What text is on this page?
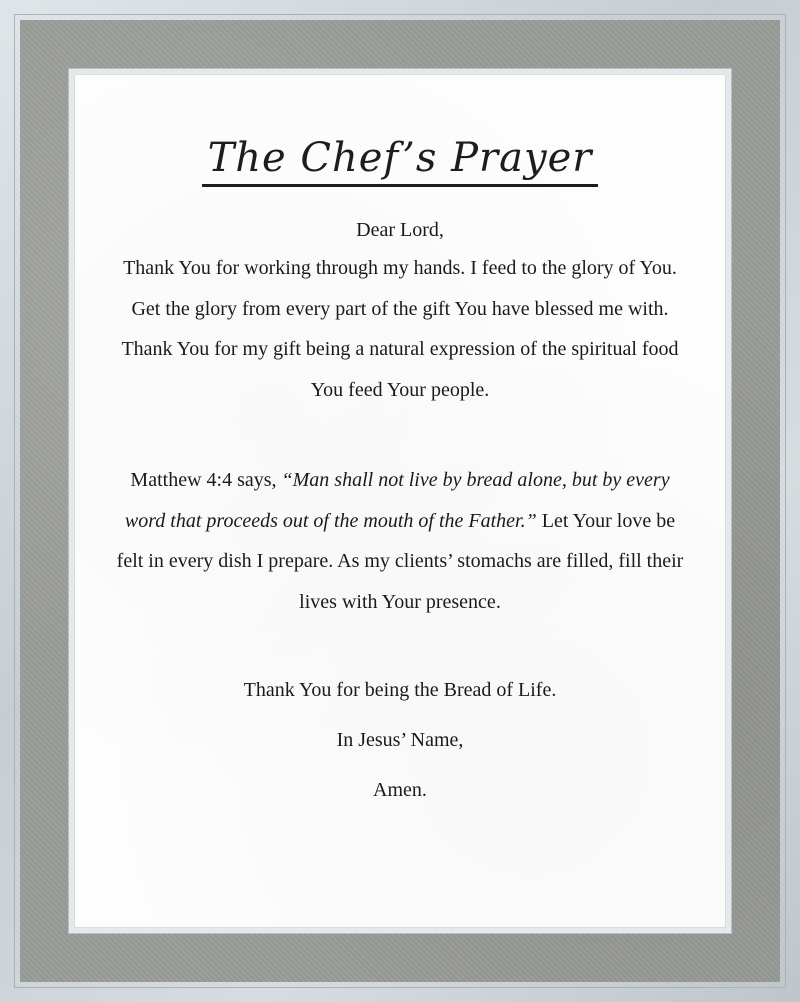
The Chef’s Prayer

Dear Lord,

Thank You for working through my hands. I feed to the glory of You. Get the glory from every part of the gift You have blessed me with. Thank You for my gift being a natural expression of the spiritual food You feed Your people.

Matthew 4:4 says, “Man shall not live by bread alone, but by every word that proceeds out of the mouth of the Father.” Let Your love be felt in every dish I prepare. As my clients’ stomachs are filled, fill their lives with Your presence.

Thank You for being the Bread of Life.

In Jesus’ Name,

Amen.
